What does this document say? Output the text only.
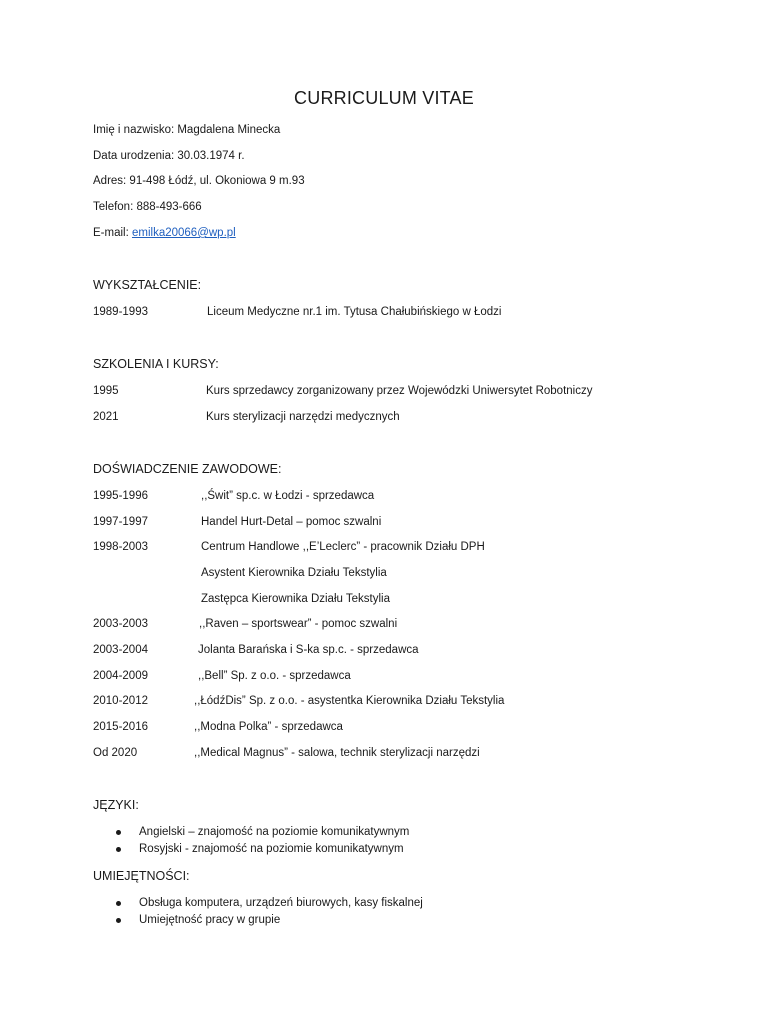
CURRICULUM VITAE
Imię i nazwisko: Magdalena Minecka
Data urodzenia: 30.03.1974 r.
Adres: 91-498 Łódź, ul. Okoniowa 9 m.93
Telefon: 888-493-666
E-mail: emilka20066@wp.pl
WYKSZTAŁCENIE:
1989-1993	Liceum Medyczne nr.1 im. Tytusa Chałubińskiego w Łodzi
SZKOLENIA I KURSY:
1995	Kurs sprzedawcy zorganizowany przez Wojewódzki Uniwersytet Robotniczy
2021	Kurs sterylizacji narzędzi medycznych
DOŚWIADCZENIE ZAWODOWE:
1995-1996	,,Świt” sp.c. w Łodzi - sprzedawca
1997-1997	Handel Hurt-Detal – pomoc szwalni
1998-2003	Centrum Handlowe ,,E’Leclerc” - pracownik Działu DPH
Asystent Kierownika Działu Tekstylia
Zastępca Kierownika Działu Tekstylia
2003-2003	,,Raven – sportswear” - pomoc szwalni
2003-2004	Jolanta Barańska i S-ka sp.c. - sprzedawca
2004-2009	,,Bell” Sp. z o.o. - sprzedawca
2010-2012	,,ŁódźDis” Sp. z o.o. - asystentka Kierownika Działu Tekstylia
2015-2016	,,Modna Polka” - sprzedawca
Od 2020	,,Medical Magnus” - salowa, technik sterylizacji narzędzi
JĘZYKI:
Angielski – znajomość na poziomie komunikatywnym
Rosyjski - znajomość na poziomie komunikatywnym
UMIEJĘTNOŚCI:
Obsługa komputera, urządzeń biurowych, kasy fiskalnej
Umiejętność pracy w grupie
